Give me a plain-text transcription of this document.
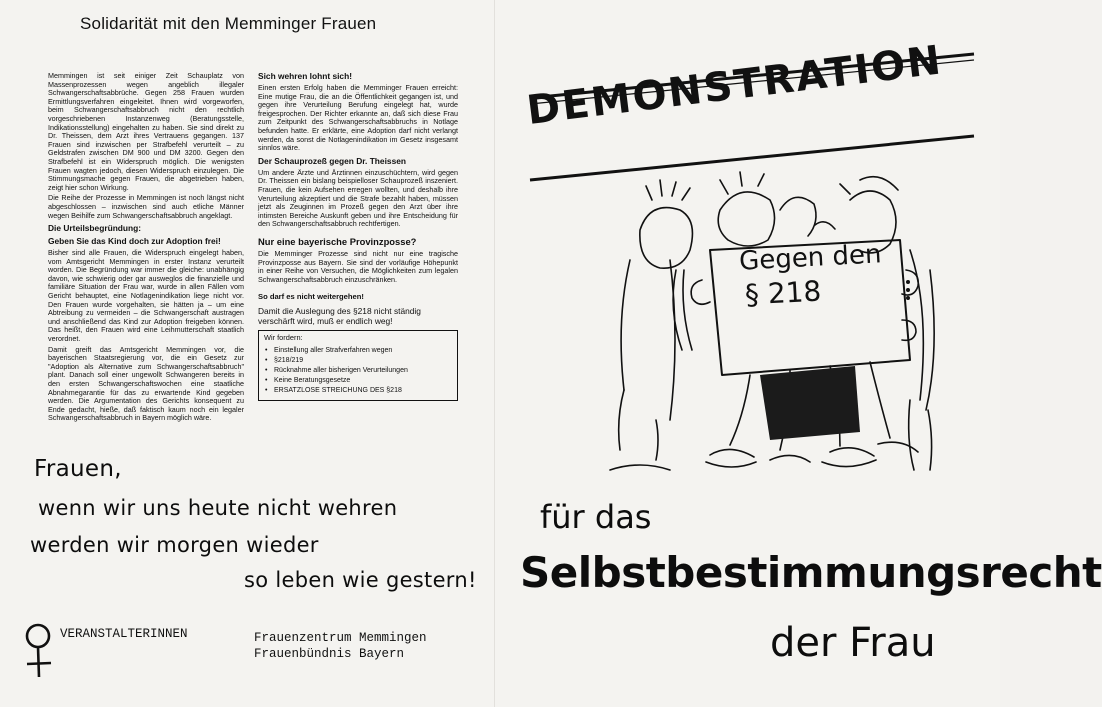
Solidarität mit den Memminger Frauen

Memmingen ist seit einiger Zeit Schauplatz von Massenprozessen wegen angeblich illegaler Schwangerschaftsabbrüche. Gegen 258 Frauen wurden Ermittlungsverfahren eingeleitet. Ihnen wird vorgeworfen, beim Schwangerschaftsabbruch nicht den rechtlich vorgeschriebenen Instanzenweg (Beratungsstelle, Indikationsstellung) eingehalten zu haben. Sie sind direkt zu Dr. Theissen, dem Arzt ihres Vertrauens gegangen. 137 Frauen sind inzwischen per Strafbefehl verurteilt – zu Geldstrafen zwischen DM 900 und DM 3200. Gegen den Strafbefehl ist ein Widerspruch möglich. Die wenigsten Frauen wagten jedoch, diesen Widerspruch einzulegen. Die Stimmungsmache gegen Frauen, die abgetrieben haben, zeigt hier schon Wirkung.

Die Reihe der Prozesse in Memmingen ist noch längst nicht abgeschlossen – inzwischen sind auch etliche Männer wegen Beihilfe zum Schwangerschaftsabbruch angeklagt.

Die Urteilsbegründung:
Geben Sie das Kind doch zur Adoption frei!

Bisher sind alle Frauen, die Widerspruch eingelegt haben, vom Amtsgericht Memmingen in erster Instanz verurteilt worden. Die Begründung war immer die gleiche: unabhängig davon, wie schwierig oder gar ausweglos die finanzielle und familiäre Situation der Frau war, wurde in allen Fällen vom Gericht behauptet, eine Notlagenindikation liege nicht vor. Den Frauen wurde vorgehalten, sie hätten ja – um eine Abtreibung zu vermeiden – die Schwangerschaft austragen und anschließend das Kind zur Adoption freigeben können. Das heißt, den Frauen wird eine Leihmutterschaft staatlich verordnet.

Damit greift das Amtsgericht Memmingen vor, die bayerischen Staatsregierung vor, die ein Gesetz zur "Adoption als Alternative zum Schwangerschaftsabbruch" plant. Danach soll einer ungewollt Schwangeren bereits in den ersten Schwangerschaftswochen eine staatliche Abnahmegarantie für das zu erwartende Kind gegeben werden. Die Argumentation des Gerichts konsequent zu Ende gedacht, hieße, daß faktisch kaum noch ein legaler Schwangerschaftsabbruch in Bayern möglich wäre.

Sich wehren lohnt sich!

Einen ersten Erfolg haben die Memminger Frauen erreicht: Eine mutige Frau, die an die Öffentlichkeit gegangen ist, und gegen ihre Verurteilung Berufung eingelegt hat, wurde freigesprochen. Der Richter erkannte an, daß sich diese Frau zum Zeitpunkt des Schwangerschaftsabbruchs in Notlage befunden hatte. Er erklärte, eine Adoption darf nicht verlangt werden, da sonst die Notlagenindikation im Gesetz insgesamt sinnlos wäre.

Der Schauprozeß gegen Dr. Theissen

Um andere Ärzte und Ärztinnen einzuschüchtern, wird gegen Dr. Theissen ein bislang beispielloser Schauprozeß inszeniert. Frauen, die kein Aufsehen erregen wollten, und deshalb ihre Verurteilung akzeptiert und die Strafe bezahlt haben, müssen jetzt als Zeuginnen im Prozeß gegen den Arzt über ihre intimsten Bereiche Auskunft geben und ihre Entscheidung für den Schwangerschaftsabbruch rechtfertigen.

Nur eine bayerische Provinzposse?

Die Memminger Prozesse sind nicht nur eine tragische Provinzposse aus Bayern. Sie sind der vorläufige Höhepunkt in einer Reihe von Versuchen, die Möglichkeiten zum legalen Schwangerschaftsabbruch einzuschränken.

So darf es nicht weitergehen!
Damit die Auslegung des §218 nicht ständig verschärft wird, muß er endlich weg!
Wir fordern:
• Einstellung aller Strafverfahren wegen
• §218/219
• Rücknahme aller bisherigen Verurteilungen
• Keine Beratungsgesetze
• ERSATZLOSE STREICHUNG DES §218
Frauen,
wenn wir uns heute nicht wehren
werden wir morgen wieder
so leben wie gestern!
VERANSTALTERINNEN	Frauenzentrum Memmingen
Frauenbündnis Bayern
DEMONSTRATION
Gegen den
§ 218
für das
Selbstbestimmungsrecht
der Frau
